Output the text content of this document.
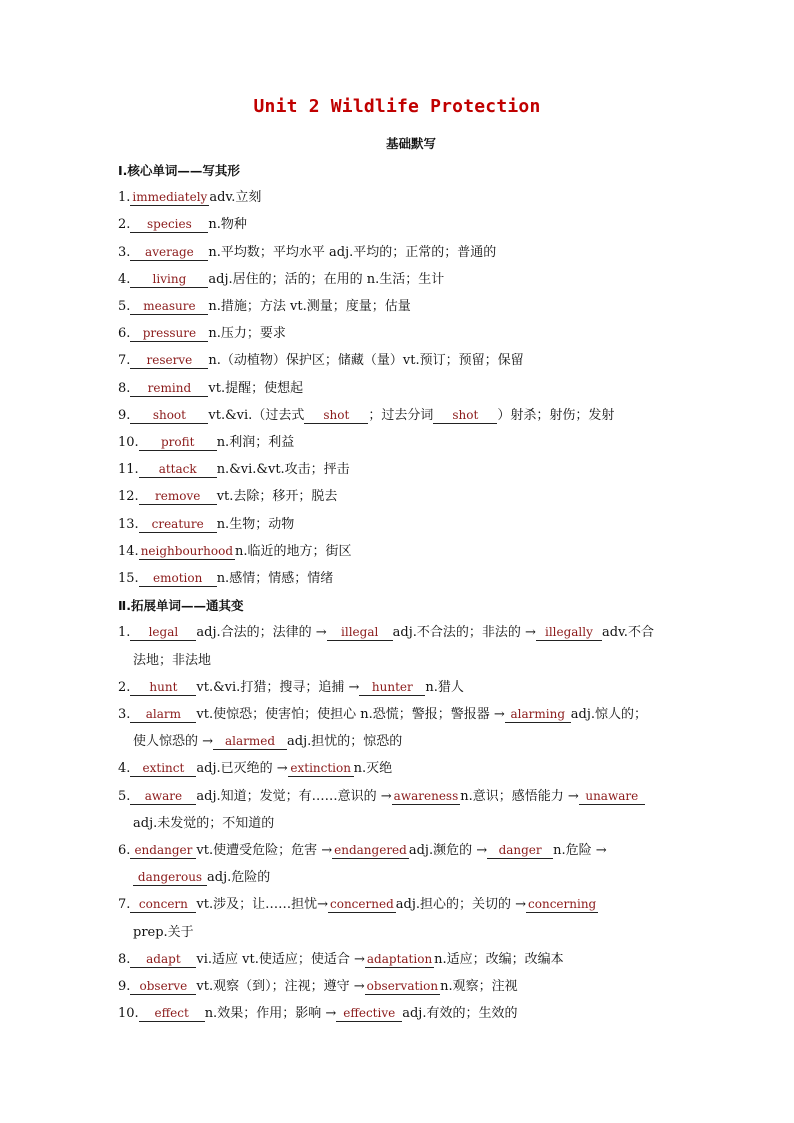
Unit 2 Wildlife Protection
基础默写
Ⅰ.核心单词——写其形
1. immediately adv.立刻
2. species n.物种
3. average n.平均数；平均水平 adj.平均的；正常的；普通的
4. living adj.居住的；活的；在用的 n.生活；生计
5. measure n.措施；方法 vt.测量；度量；估量
6. pressure n.压力；要求
7. reserve n.（动植物）保护区；储藏（量）vt.预订；预留；保留
8. remind vt.提醒；使想起
9. shoot vt.&vi.（过去式 shot ；过去分词 shot ）射杀；射伤；发射
10. profit n.利润；利益
11. attack n.&vi.&vt.攻击；抨击
12. remove vt.去除；移开；脱去
13. creature n.生物；动物
14. neighbourhood n.临近的地方；街区
15. emotion n.感情；情感；情绪
Ⅱ.拓展单词——通其变
1. legal adj.合法的；法律的 → illegal adj.不合法的；非法的 → illegally adv.不合
法地；非法地
2. hunt vt.&vi.打猎；搜寻；追捕 → hunter n.猎人
3. alarm vt.使惊恐；使害怕；使担心 n.恐慌；警报；警报器 → alarming adj.惊人的；
使人惊恐的 → alarmed adj.担忧的；惊恐的
4. extinct adj.已灭绝的 → extinction n.灭绝
5. aware adj.知道；发觉；有……意识的 → awareness n.意识；感悟能力 → unaware
adj.未发觉的；不知道的
6. endanger vt.使遭受危险；危害 → endangered adj.濒危的 → danger n.危险 →
dangerous adj.危险的
7. concern vt.涉及；让……担忧→ concerned adj.担心的；关切的 → concerning
prep.关于
8. adapt vi.适应 vt.使适应；使适合 → adaptation n.适应；改编；改编本
9. observe vt.观察（到）；注视；遵守 → observation n.观察；注视
10. effect n.效果；作用；影响 → effective adj.有效的；生效的
